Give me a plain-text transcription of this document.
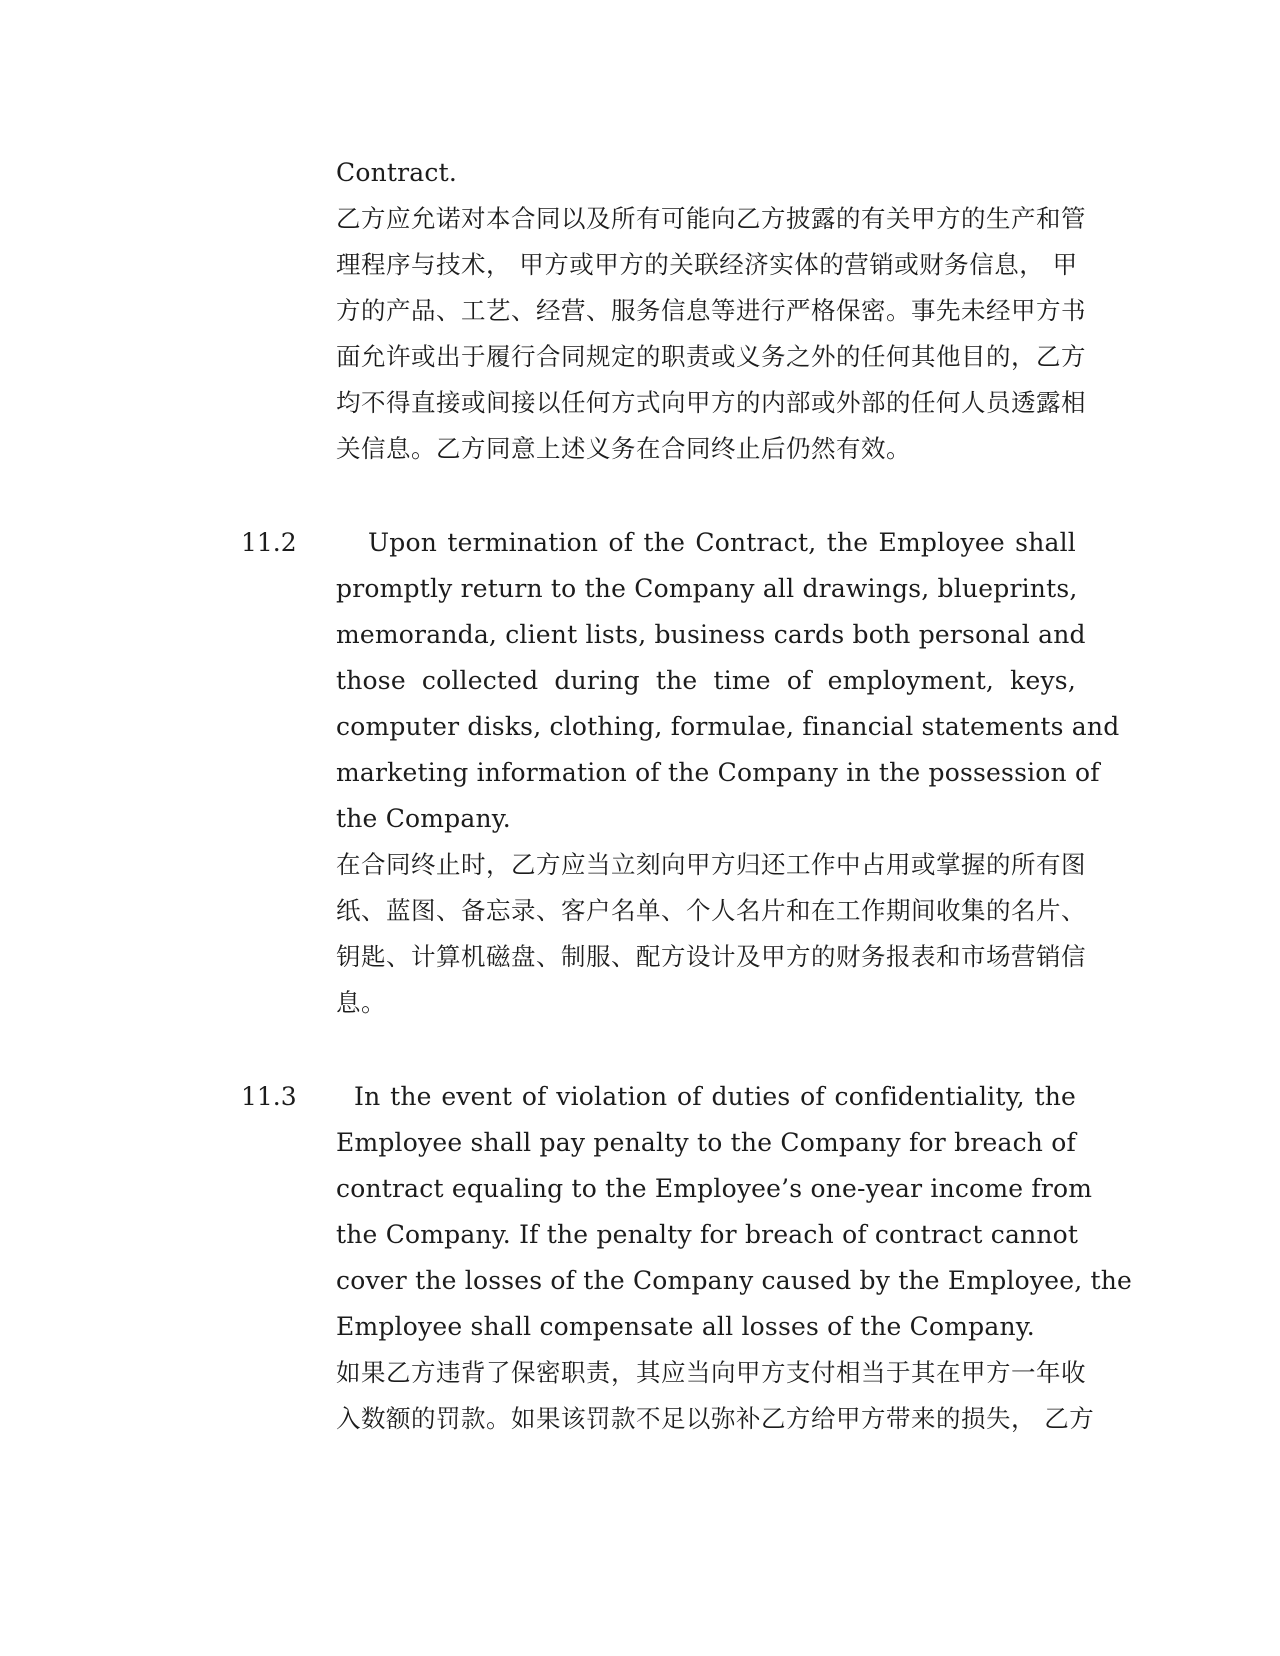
Contract.
乙方应允诺对本合同以及所有可能向乙方披露的有关甲方的生产和管
理程序与技术， 甲方或甲方的关联经济实体的营销或财务信息， 甲
方的产品、工艺、经营、服务信息等进行严格保密。事先未经甲方书
面允许或出于履行合同规定的职责或义务之外的任何其他目的，乙方
均不得直接或间接以任何方式向甲方的内部或外部的任何人员透露相
关信息。乙方同意上述义务在合同终止后仍然有效。
11.2	Upon termination of the Contract, the Employee shall
promptly return to the Company all drawings, blueprints,
memoranda, client lists, business cards both personal and
those collected during the time of employment, keys,
computer disks, clothing, formulae, financial statements and
marketing information of the Company in the possession of
the Company.
在合同终止时，乙方应当立刻向甲方归还工作中占用或掌握的所有图
纸、蓝图、备忘录、客户名单、个人名片和在工作期间收集的名片、
钥匙、计算机磁盘、制服、配方设计及甲方的财务报表和市场营销信
息。
11.3 In the event of violation of duties of confidentiality, the
Employee shall pay penalty to the Company for breach of
contract equaling to the Employee’s one-year income from
the Company. If the penalty for breach of contract cannot
cover the losses of the Company caused by the Employee, the
Employee shall compensate all losses of the Company.
如果乙方违背了保密职责，其应当向甲方支付相当于其在甲方一年收
入数额的罚款。如果该罚款不足以弥补乙方给甲方带来的损失， 乙方
